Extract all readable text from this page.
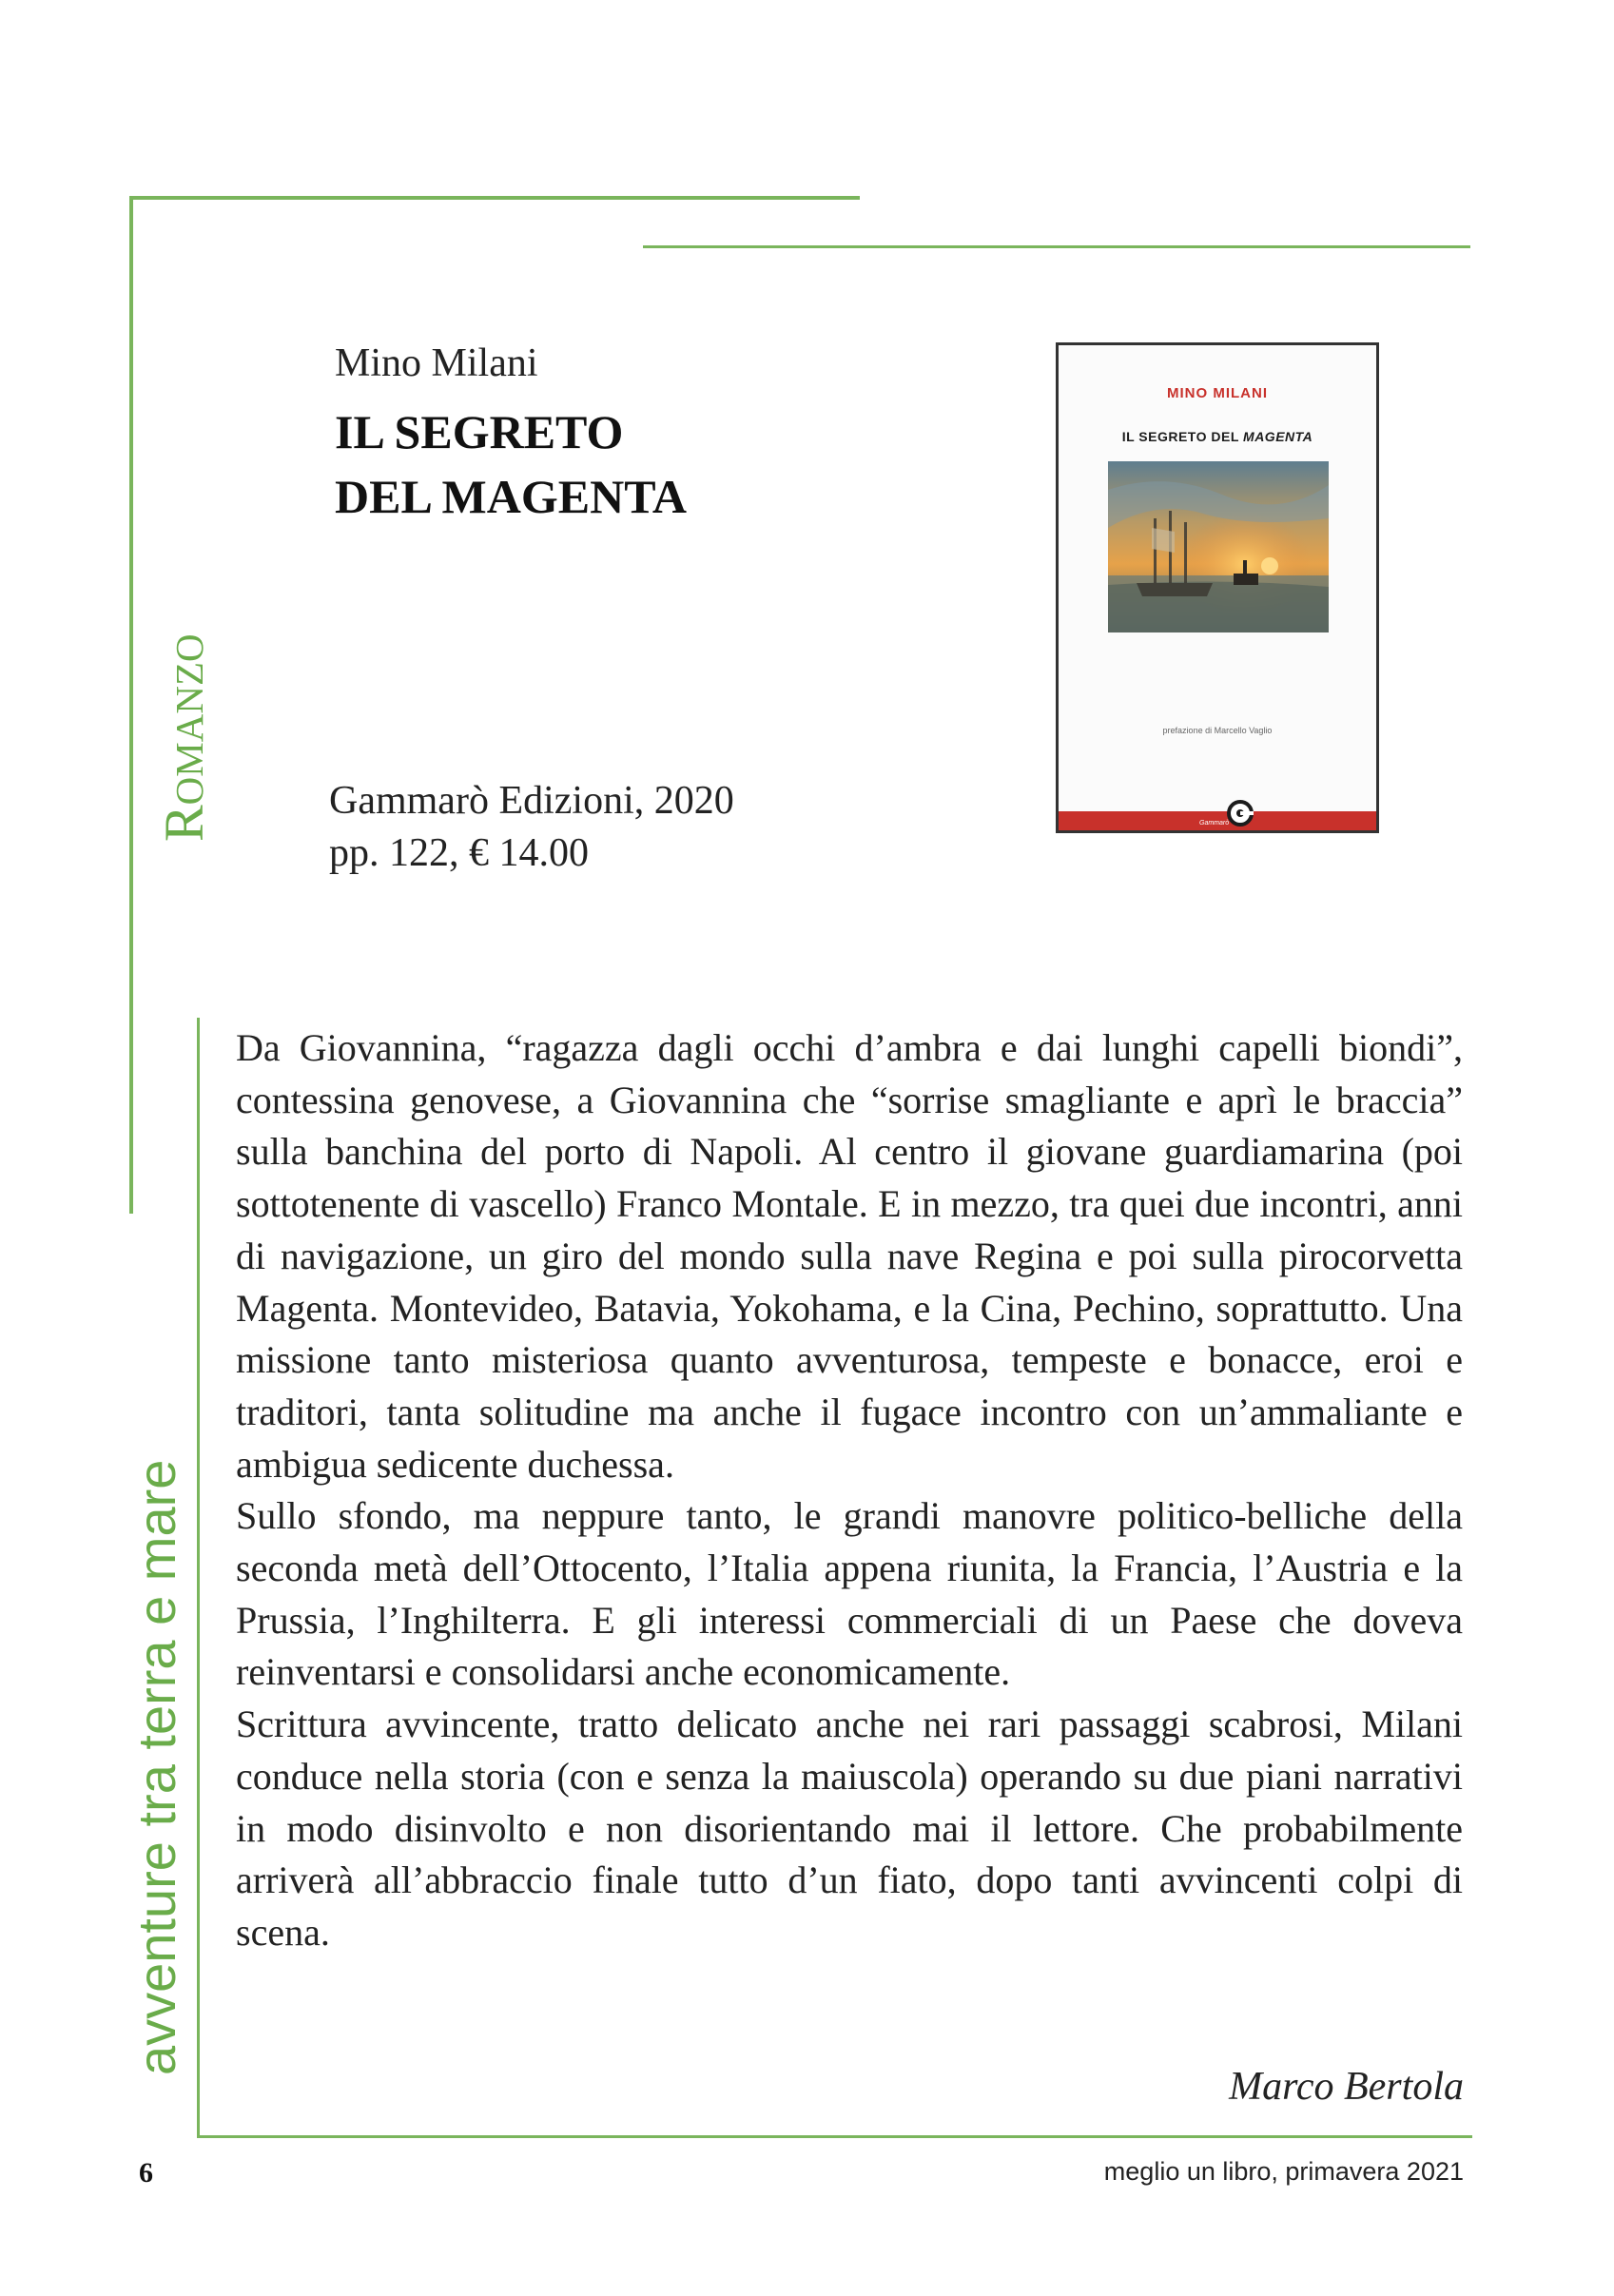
Romanzo
avventure tra terra e mare
Mino Milani
IL SEGRETO
DEL MAGENTA
Gammarò Edizioni, 2020
pp. 122, € 14.00
MINO MILANI
IL SEGRETO DEL MAGENTA
prefazione di Marcello Vaglio
Gammarò

Da Giovannina, “ragazza dagli occhi d’ambra e dai lunghi capelli biondi”, contessina genovese, a Giovannina che “sorrise smagliante e aprì le braccia” sulla banchina del porto di Napoli. Al centro il giovane guardiamarina (poi sottotenente di vascello) Franco Montale. E in mezzo, tra quei due incontri, anni di navigazione, un giro del mondo sulla nave Regina e poi sulla pirocorvetta Magenta. Montevideo, Batavia, Yokohama, e la Cina, Pechino, soprattutto. Una missione tanto misteriosa quanto avventurosa, tempeste e bonacce, eroi e traditori, tanta solitudine ma anche il fugace incontro con un’ammaliante e ambigua sedicente duchessa.

Sullo sfondo, ma neppure tanto, le grandi manovre politico-belliche della seconda metà dell’Ottocento, l’Italia appena riunita, la Francia, l’Austria e la Prussia, l’Inghilterra. E gli interessi commerciali di un Paese che doveva reinventarsi e consolidarsi anche economicamente.

Scrittura avvincente, tratto delicato anche nei rari passaggi scabrosi, Milani conduce nella storia (con e senza la maiuscola) operando su due piani narrativi in modo disinvolto e non disorientando mai il lettore. Che probabilmente arriverà all’abbraccio finale tutto d’un fiato, dopo tanti avvincenti colpi di scena.

Marco Bertola
6	meglio un libro, primavera 2021
